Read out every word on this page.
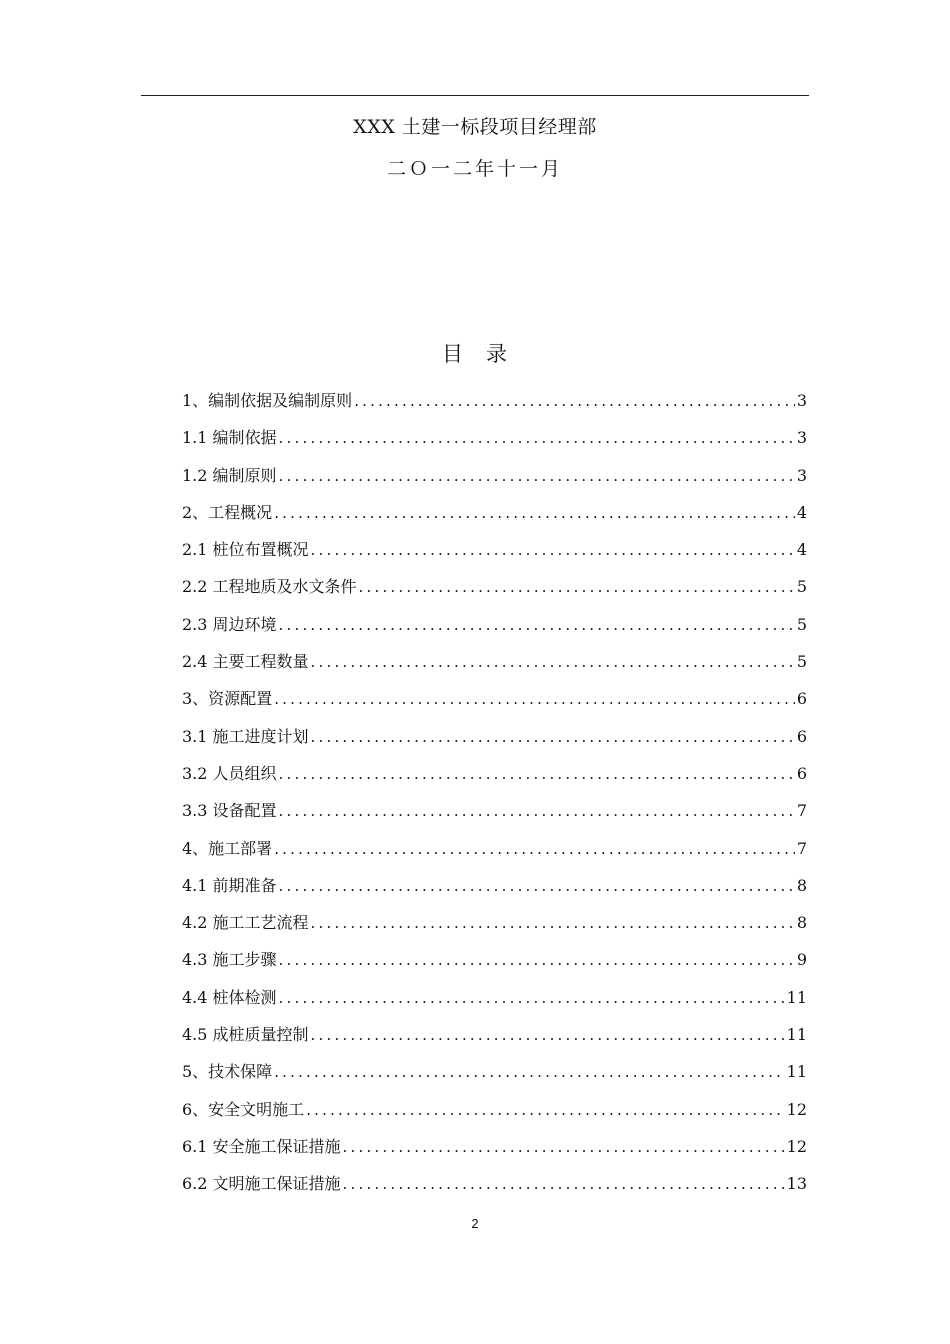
XXX 土建一标段项目经理部
二Ｏ一二年十一月
目　录
1、编制依据及编制原则 .....	3
1.1 编制依据 .....	3
1.2 编制原则 .....	3
2、工程概况 .....	4
2.1 桩位布置概况 .....	4
2.2 工程地质及水文条件 .....	5
2.3 周边环境 .....	5
2.4 主要工程数量 .....	5
3、资源配置 .....	6
3.1 施工进度计划 .....	6
3.2 人员组织 .....	6
3.3 设备配置 .....	7
4、施工部署 .....	7
4.1 前期准备 .....	8
4.2 施工工艺流程 .....	8
4.3 施工步骤 .....	9
4.4 桩体检测 .....	11
4.5 成桩质量控制 .....	11
5、技术保障 .....	11
6、安全文明施工 .....	12
6.1 安全施工保证措施 .....	12
6.2 文明施工保证措施 .....	13
2
